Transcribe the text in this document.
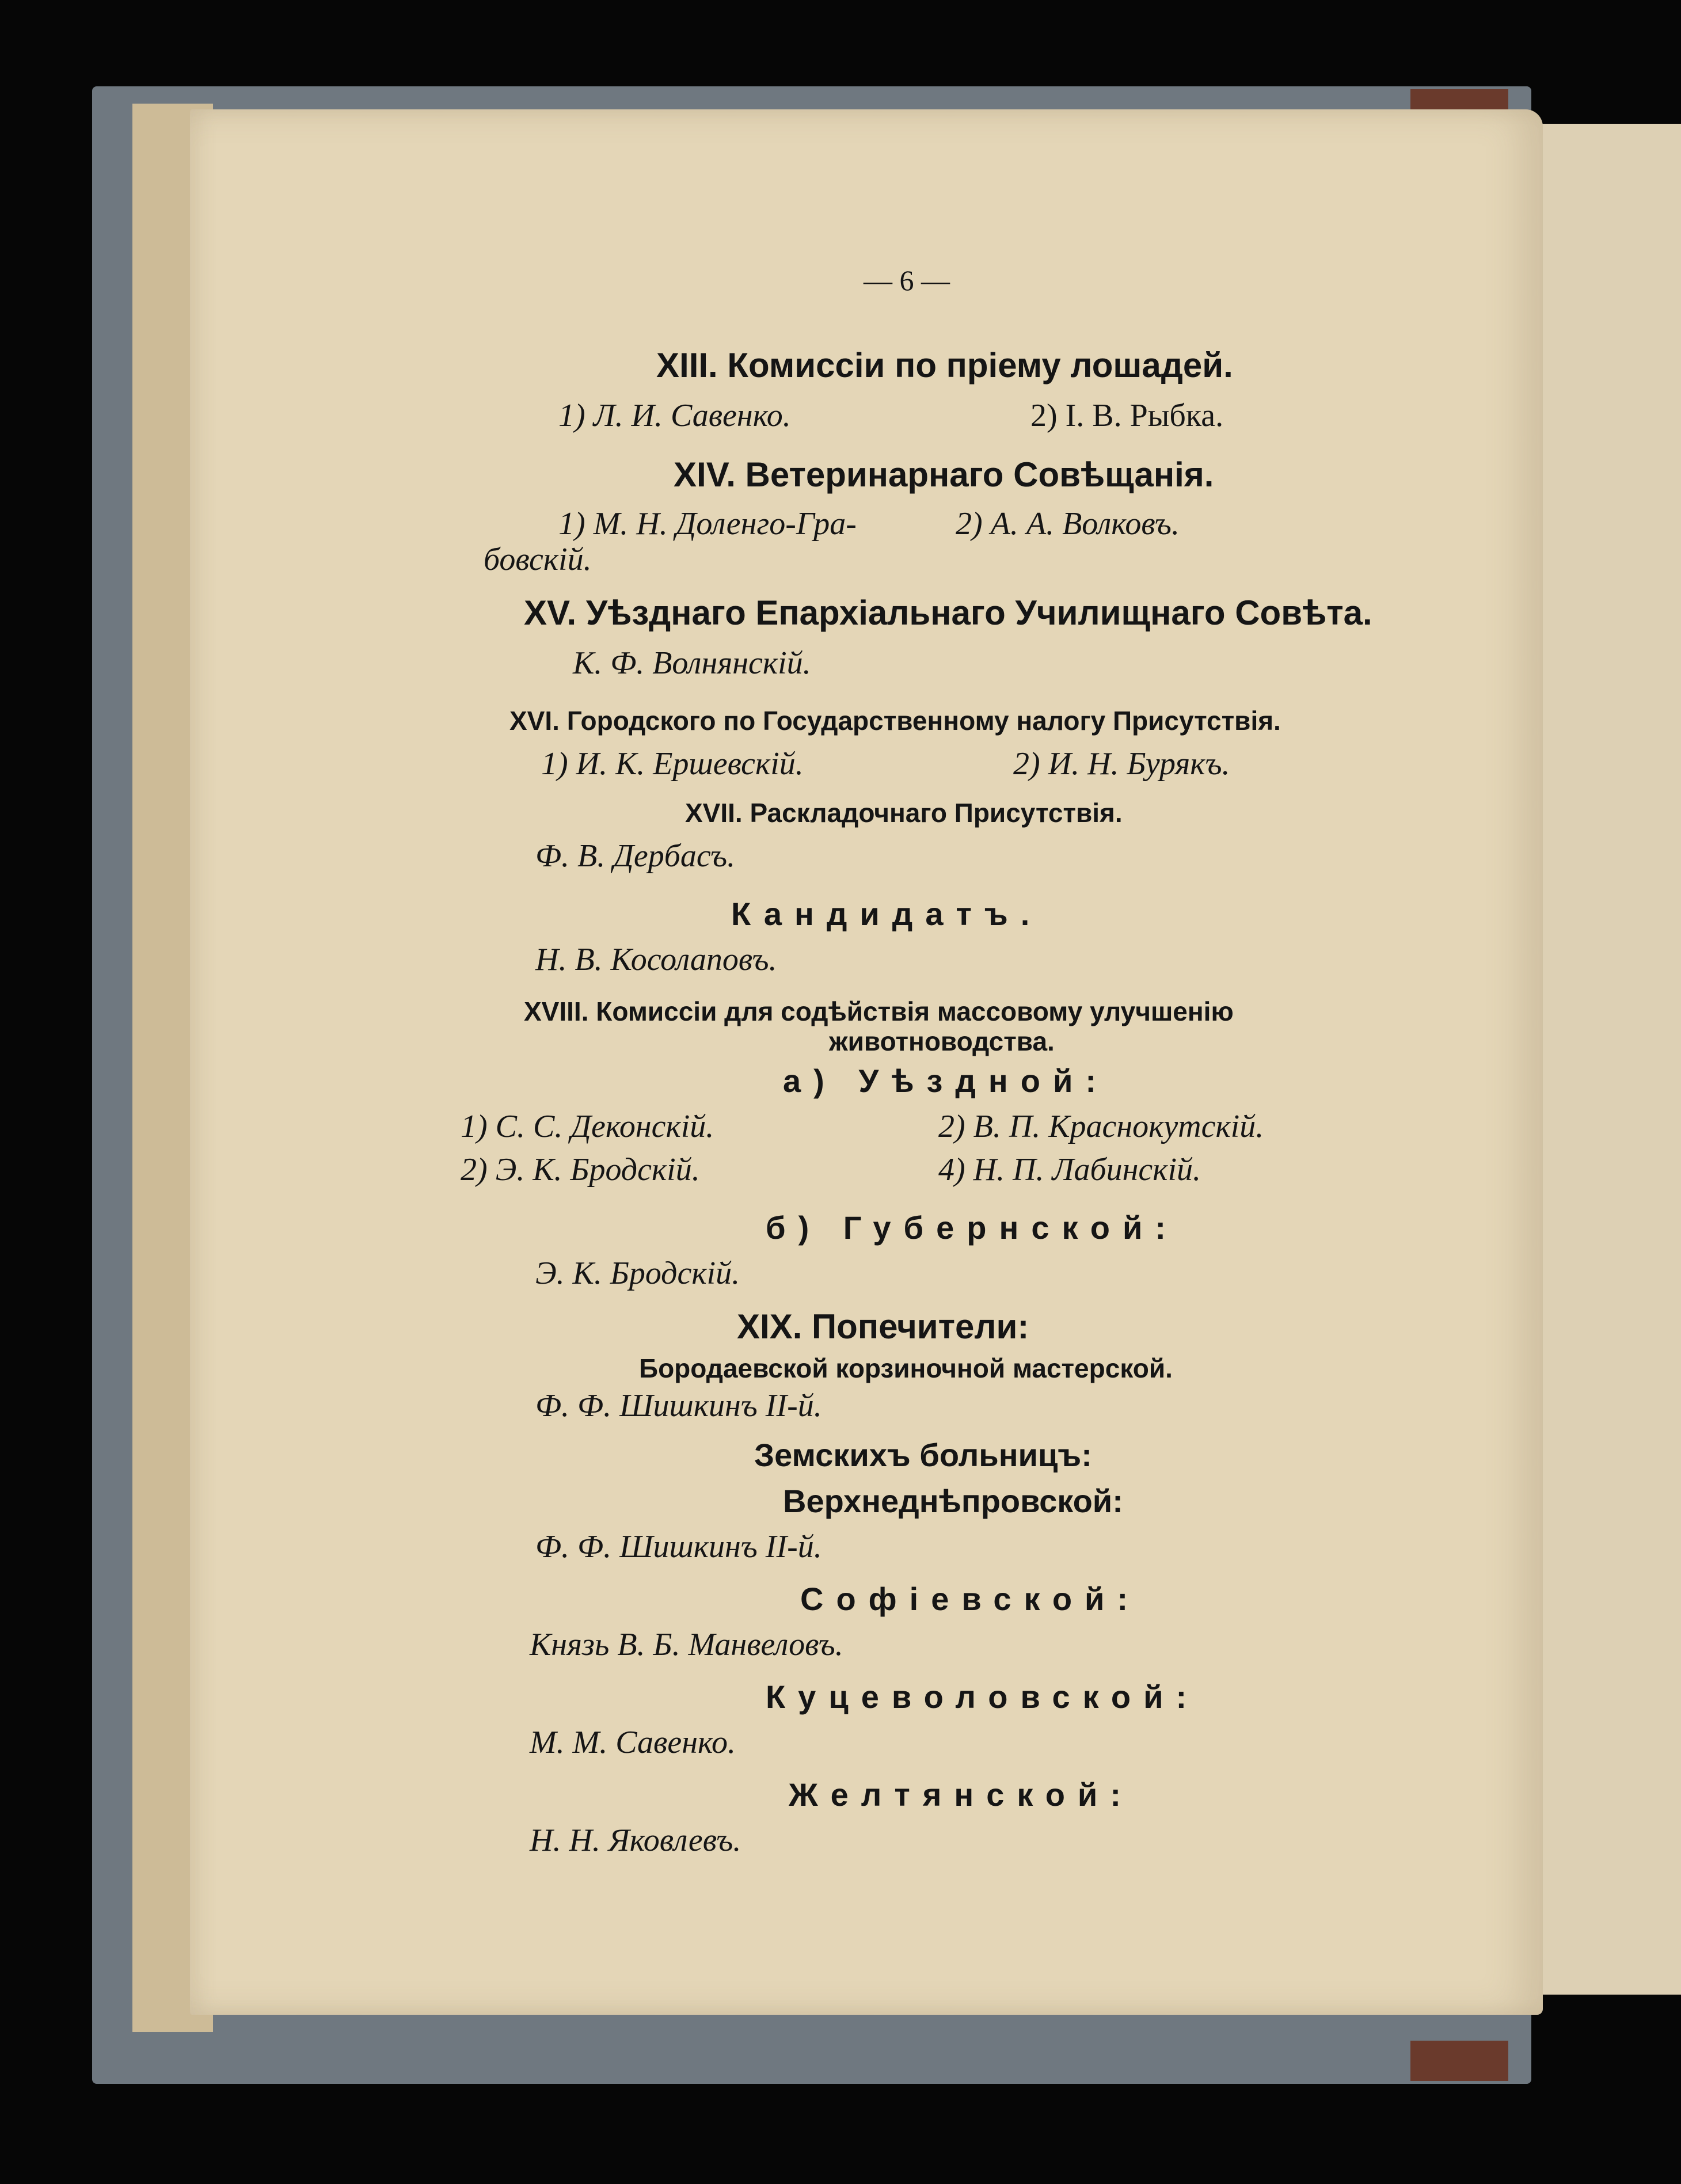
— 6 —
XIII. Комиссіи по пріему лошадей.
1) Л. И. Савенко.	2) І. В. Рыбка.
XIV. Ветеринарнаго Совѣщанія.
1) М. Н. Доленго-Гра-	2) А. А. Волковъ.
бовскій.
XV. Уѣзднаго Епархіальнаго Училищнаго Совѣта.
К. Ф. Волнянскій.
XVI. Городского по Государственному налогу Присутствія.
1) И. К. Ершевскій.	2) И. Н. Бурякъ.
XVII. Раскладочнаго Присутствія.
Ф. В. Дербасъ.
Кандидатъ.
Н. В. Косолаповъ.
XVIII. Комиссіи для содѣйствія массовому улучшенію
животноводства.
а) Уѣздной:
1) С. С. Деконскій.	2) В. П. Краснокутскій.
2) Э. К. Бродскій.	4) Н. П. Лабинскій.
б) Губернской:
Э. К. Бродскій.
XIX. Попечители:
Бородаевской корзиночной мастерской.
Ф. Ф. Шишкинъ II-й.
Земскихъ больницъ:
Верхнеднѣпровской:
Ф. Ф. Шишкинъ II-й.
Софіевской:
Князь В. Б. Манвеловъ.
Куцеволовской:
М. М. Савенко.
Желтянской:
Н. Н. Яковлевъ.
